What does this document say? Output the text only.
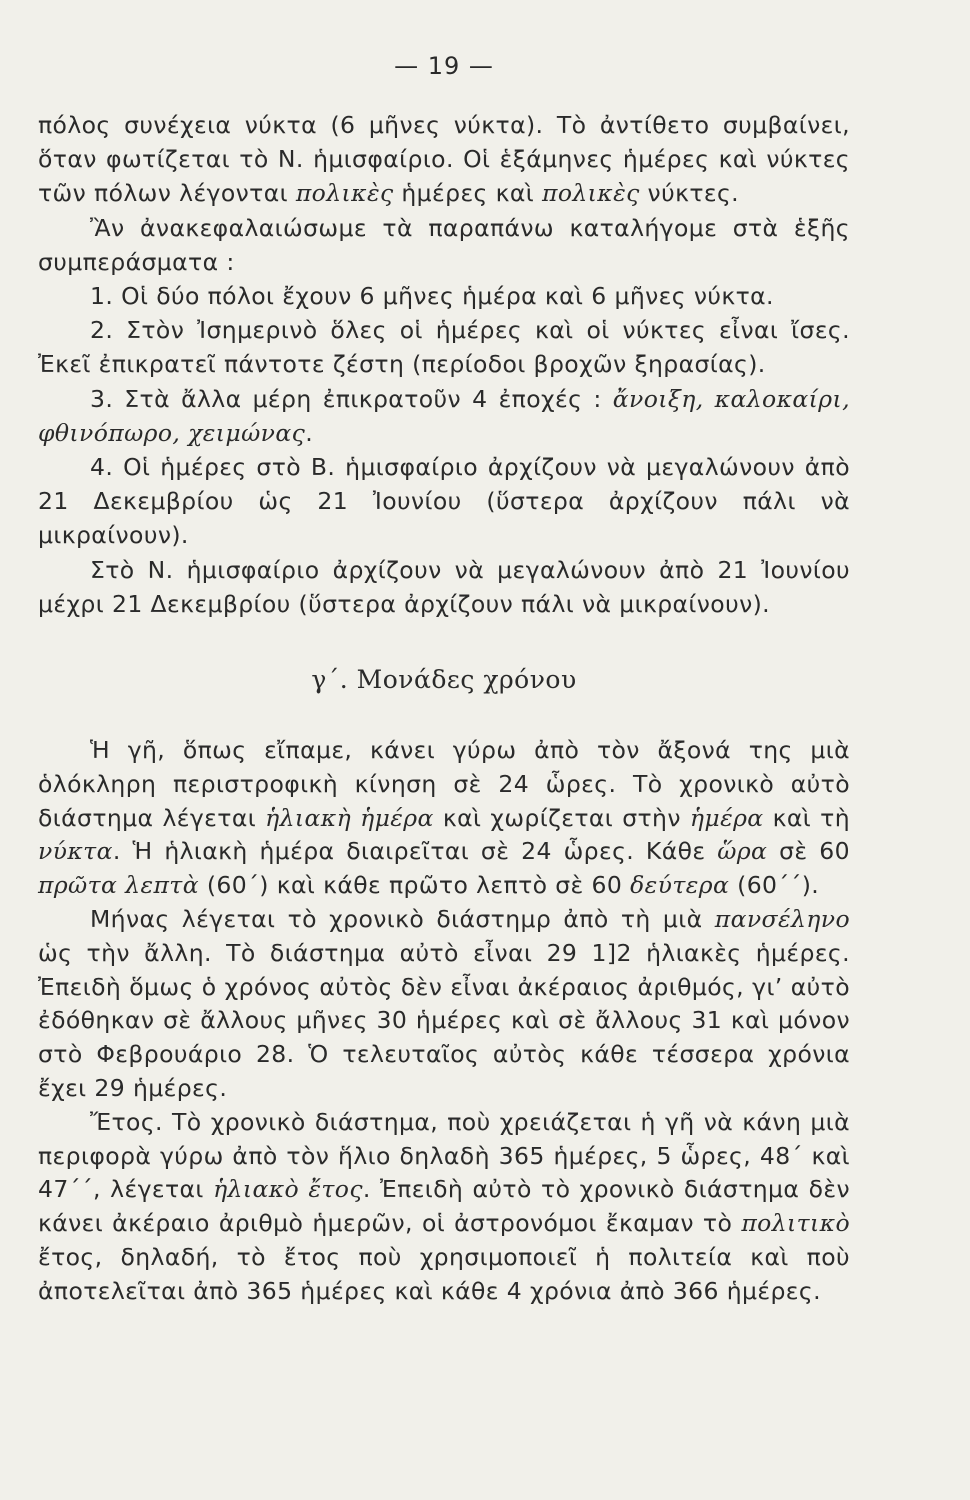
— 19 —

πόλος συνέχεια νύκτα (6 μῆνες νύκτα). Τὸ ἀντίθετο συμβαίνει, ὅταν φωτίζεται τὸ Ν. ἡμισφαίριο. Οἱ ἑξάμηνες ἡμέρες καὶ νύκτες τῶν πόλων λέγονται πολικὲς ἡμέρες καὶ πολικὲς νύκτες.

Ἂν ἀνακεφαλαιώσωμε τὰ παραπάνω καταλήγομε στὰ ἑξῆς συμπεράσματα :

1. Οἱ δύο πόλοι ἔχουν 6 μῆνες ἡμέρα καὶ 6 μῆνες νύκτα.

2. Στὸν Ἰσημερινὸ ὅλες οἱ ἡμέρες καὶ οἱ νύκτες εἶναι ἴσες. Ἐκεῖ ἐπικρατεῖ πάντοτε ζέστη (περίοδοι βροχῶν ξηρασίας).

3. Στὰ ἄλλα μέρη ἐπικρατοῦν 4 ἐποχές : ἄνοιξη, καλοκαίρι, φθινόπωρο, χειμώνας.

4. Οἱ ἡμέρες στὸ Β. ἡμισφαίριο ἀρχίζουν νὰ μεγαλώνουν ἀπὸ 21 Δεκεμβρίου ὡς 21 Ἰουνίου (ὕστερα ἀρχίζουν πάλι νὰ μικραίνουν).

Στὸ Ν. ἡμισφαίριο ἀρχίζουν νὰ μεγαλώνουν ἀπὸ 21 Ἰουνίου μέχρι 21 Δεκεμβρίου (ὕστερα ἀρχίζουν πάλι νὰ μικραίνουν).

γ΄. Μονάδες χρόνου

Ἡ γῆ, ὅπως εἴπαμε, κάνει γύρω ἀπὸ τὸν ἄξονά της μιὰ ὁλόκληρη περιστροφικὴ κίνηση σὲ 24 ὧρες. Τὸ χρονικὸ αὐτὸ διάστημα λέγεται ἡλιακὴ ἡμέρα καὶ χωρίζεται στὴν ἡμέρα καὶ τὴ νύκτα. Ἡ ἡλιακὴ ἡμέρα διαιρεῖται σὲ 24 ὧρες. Κάθε ὥρα σὲ 60 πρῶτα λεπτὰ (60΄) καὶ κάθε πρῶτο λεπτὸ σὲ 60 δεύτερα (60΄΄).

Μήνας λέγεται τὸ χρονικὸ διάστημρ ἀπὸ τὴ μιὰ πανσέληνο ὡς τὴν ἄλλη. Τὸ διάστημα αὐτὸ εἶναι 29 1]2 ἡλιακὲς ἡμέρες. Ἐπειδὴ ὅμως ὁ χρόνος αὐτὸς δὲν εἶναι ἀκέραιος ἀριθμός, γι’ αὐτὸ ἐδόθηκαν σὲ ἄλλους μῆνες 30 ἡμέρες καὶ σὲ ἄλλους 31 καὶ μόνον στὸ Φεβρουάριο 28. Ὁ τελευταῖος αὐτὸς κάθε τέσσερα χρόνια ἔχει 29 ἡμέρες.

Ἔτος. Τὸ χρονικὸ διάστημα, ποὺ χρειάζεται ἡ γῆ νὰ κάνη μιὰ περιφορὰ γύρω ἀπὸ τὸν ἥλιο δηλαδὴ 365 ἡμέρες, 5 ὧρες, 48΄ καὶ 47΄΄, λέγεται ἡλιακὸ ἔτος. Ἐπειδὴ αὐτὸ τὸ χρονικὸ διάστημα δὲν κάνει ἀκέραιο ἀριθμὸ ἡμερῶν, οἱ ἀστρονόμοι ἔκαμαν τὸ πολιτικὸ ἔτος, δηλαδή, τὸ ἔτος ποὺ χρησιμοποιεῖ ἡ πολιτεία καὶ ποὺ ἀποτελεῖται ἀπὸ 365 ἡμέρες καὶ κάθε 4 χρόνια ἀπὸ 366 ἡμέρες.
